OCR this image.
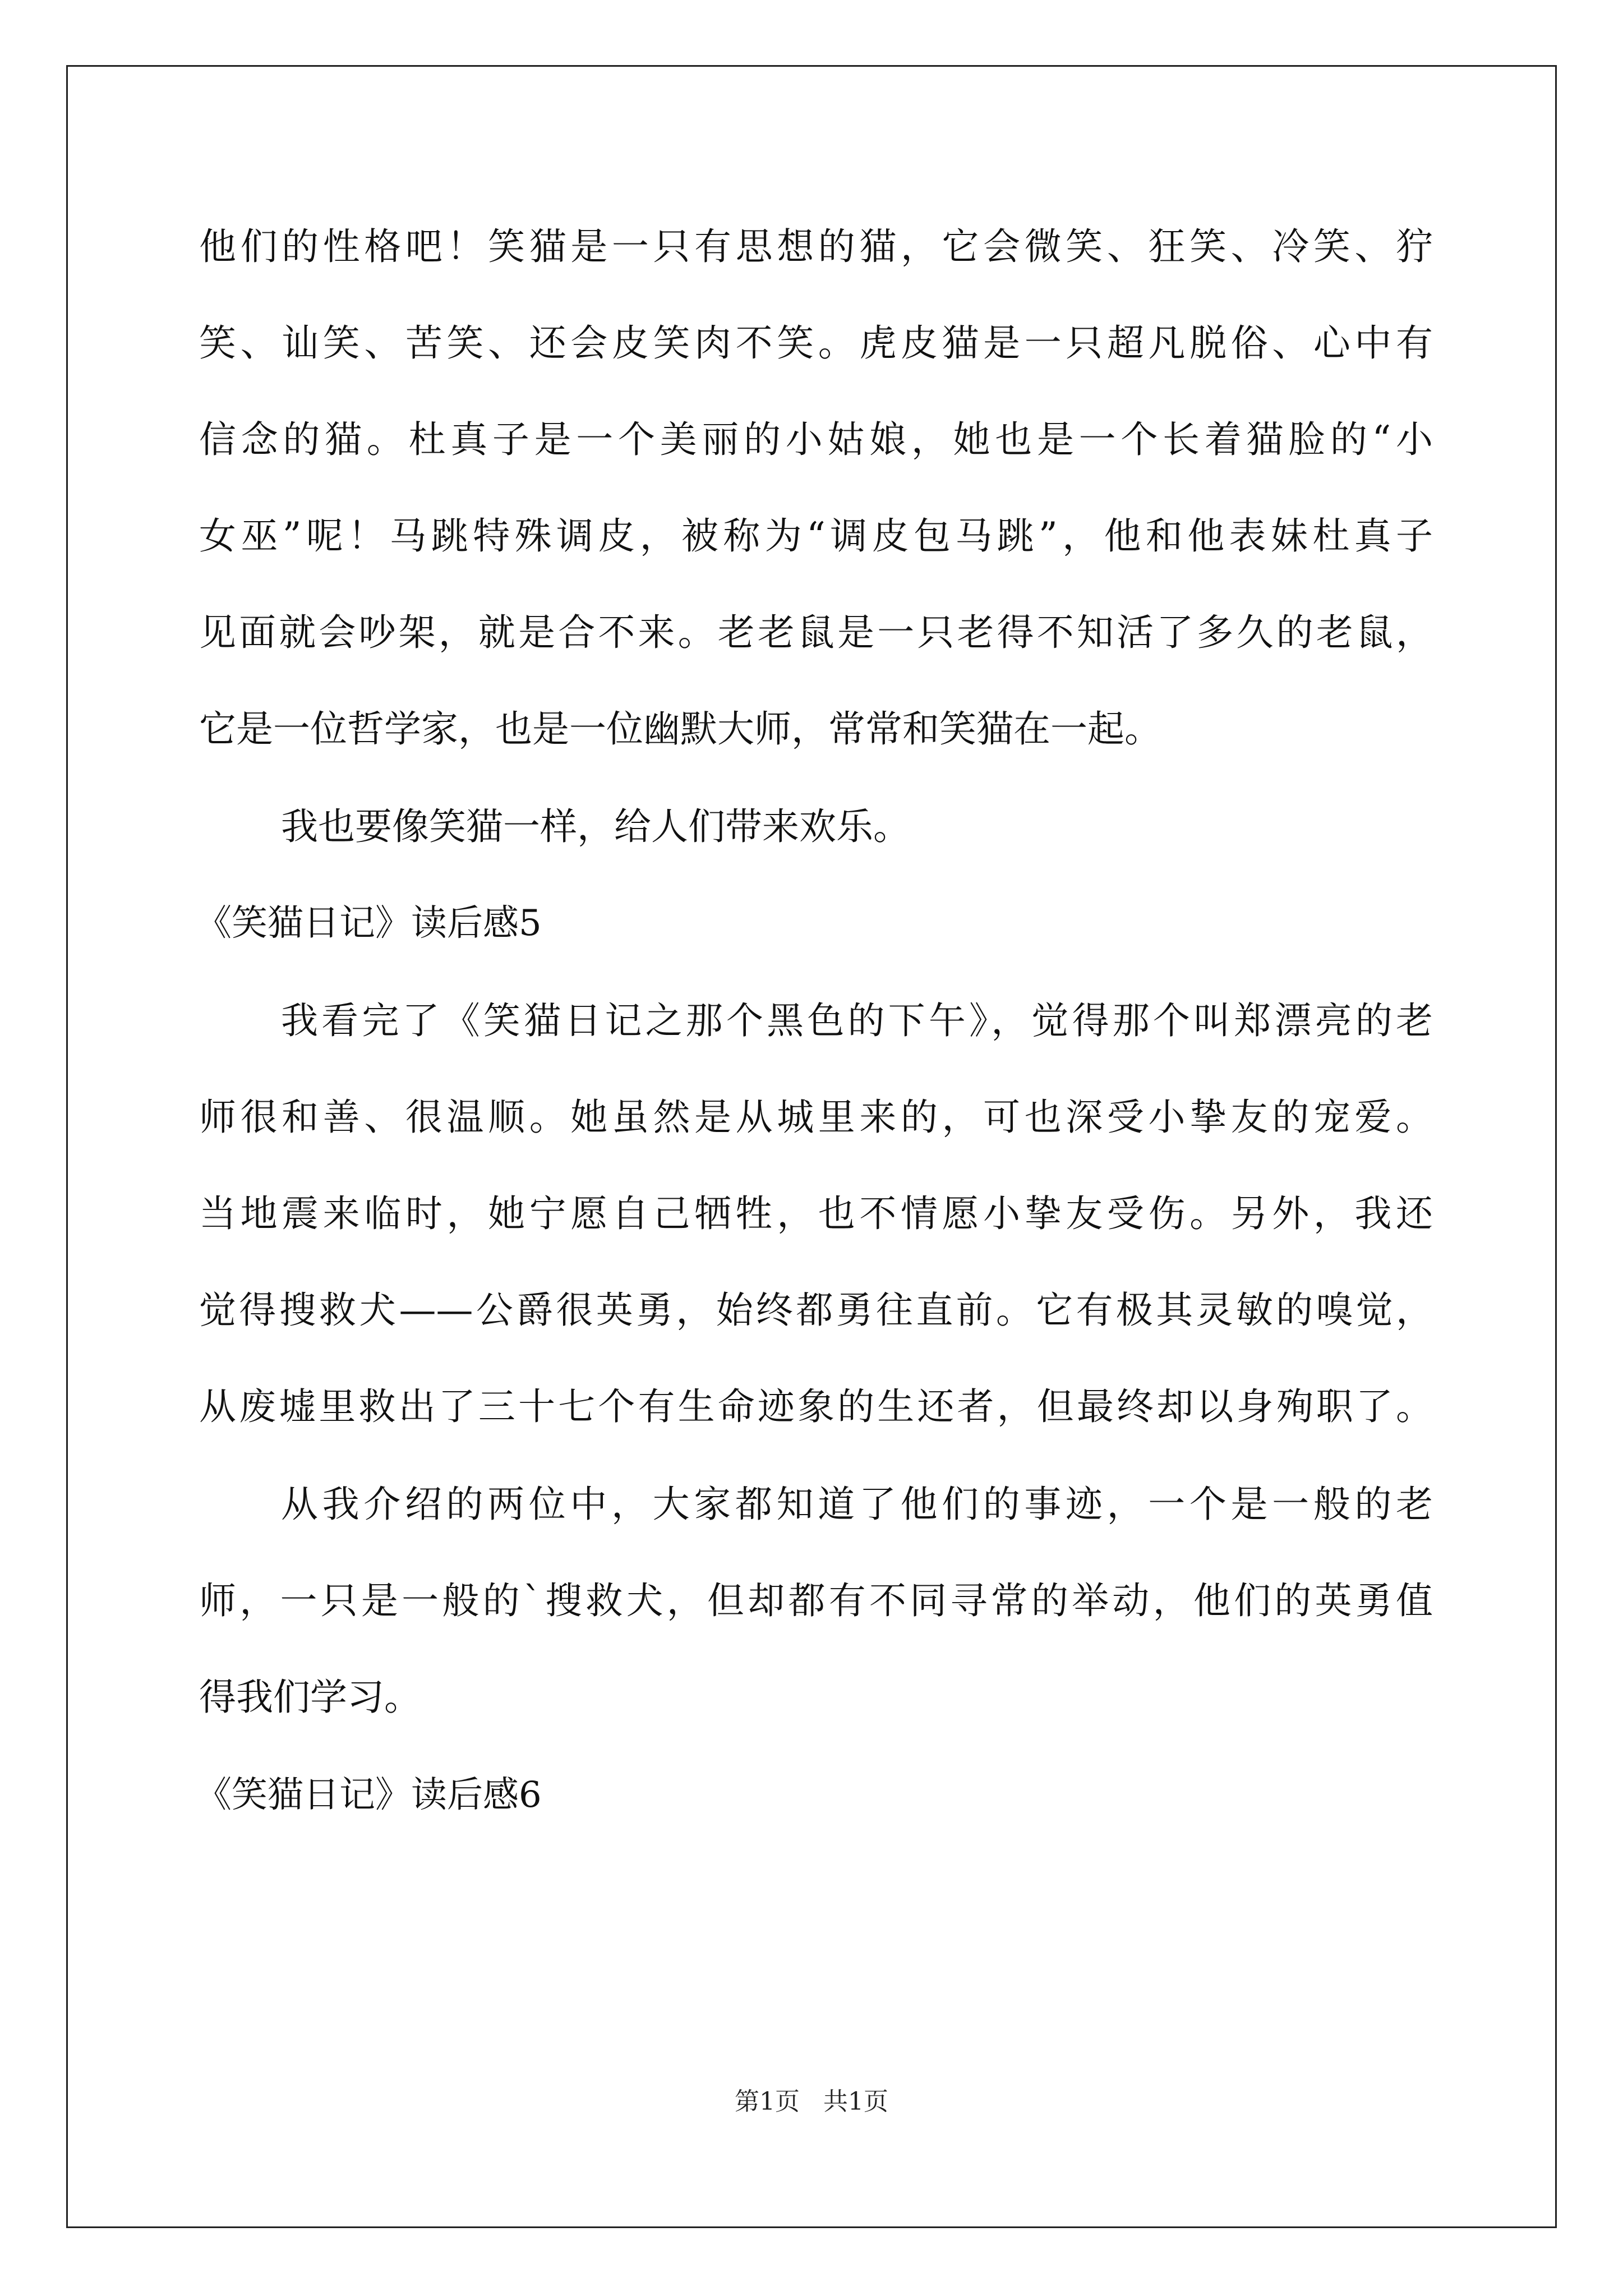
他们的性格吧！笑猫是一只有思想的猫，它会微笑、狂笑、冷笑、狞
笑、讪笑、苦笑、还会皮笑肉不笑。虎皮猫是一只超凡脱俗、心中有
信念的猫。杜真子是一个美丽的小姑娘，她也是一个长着猫脸的“小
女巫”呢！马跳特殊调皮，被称为“调皮包马跳”，他和他表妹杜真子
见面就会吵架，就是合不来。老老鼠是一只老得不知活了多久的老鼠，
它是一位哲学家，也是一位幽默大师，常常和笑猫在一起。
我也要像笑猫一样，给人们带来欢乐。
《笑猫日记》读后感5
我看完了《笑猫日记之那个黑色的下午》，觉得那个叫郑漂亮的老
师很和善、很温顺。她虽然是从城里来的，可也深受小挚友的宠爱。
当地震来临时，她宁愿自己牺牲，也不情愿小挚友受伤。另外，我还
觉得搜救犬——公爵很英勇，始终都勇往直前。它有极其灵敏的嗅觉，
从废墟里救出了三十七个有生命迹象的生还者，但最终却以身殉职了。
从我介绍的两位中，大家都知道了他们的事迹，一个是一般的老
师，一只是一般的`搜救犬，但却都有不同寻常的举动，他们的英勇值
得我们学习。
《笑猫日记》读后感6
第1页   共1页
